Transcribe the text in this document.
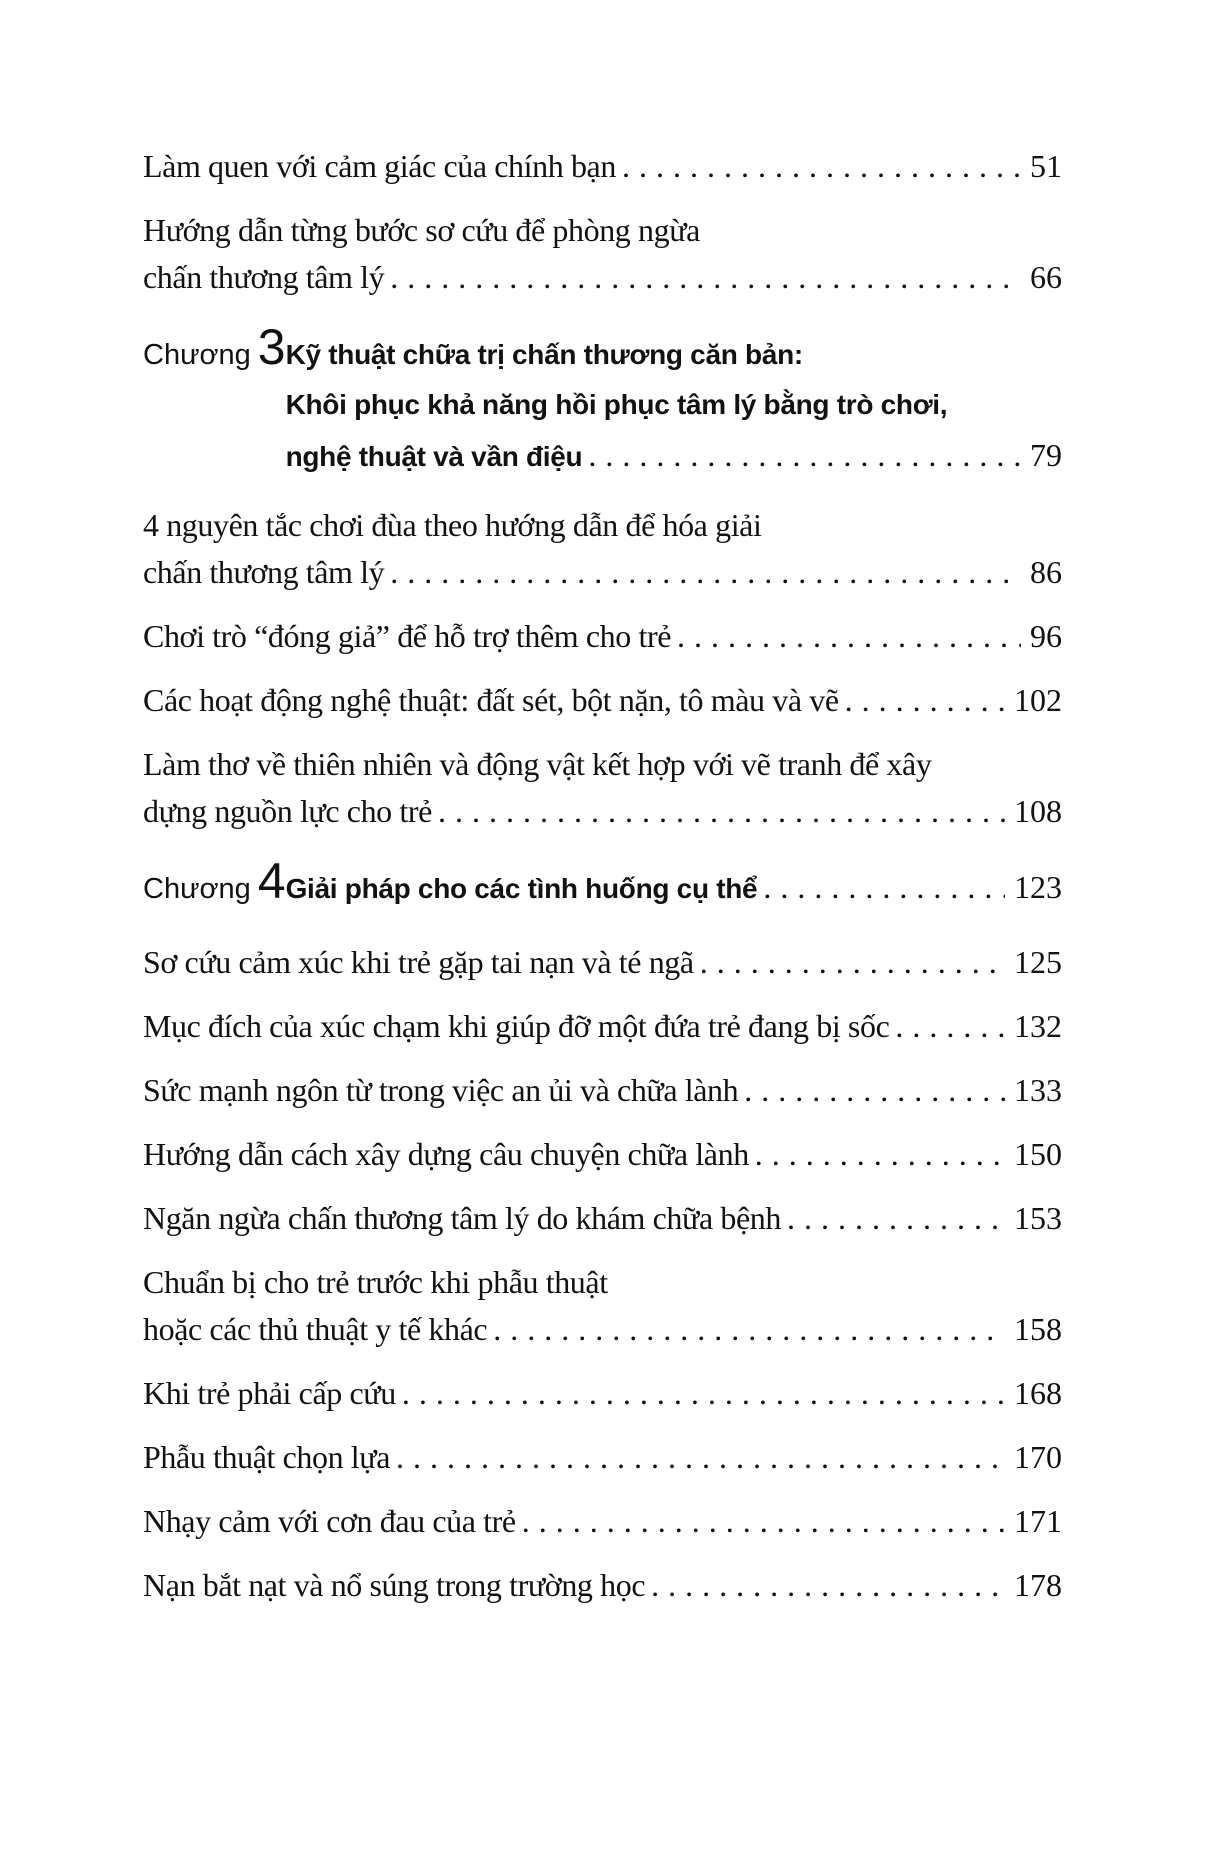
Làm quen với cảm giác của chính bạn .....	51
Hướng dẫn từng bước sơ cứu để phòng ngừa
chấn thương tâm lý .....	66
Chương 3 Kỹ thuật chữa trị chấn thương căn bản:
Khôi phục khả năng hồi phục tâm lý bằng trò chơi,
nghệ thuật và vần điệu .....	79
4 nguyên tắc chơi đùa theo hướng dẫn để hóa giải
chấn thương tâm lý .....	86
Chơi trò “đóng giả” để hỗ trợ thêm cho trẻ .....	96
Các hoạt động nghệ thuật: đất sét, bột nặn, tô màu và vẽ .....	102
Làm thơ về thiên nhiên và động vật kết hợp với vẽ tranh để xây
dựng nguồn lực cho trẻ .....	108
Chương 4 Giải pháp cho các tình huống cụ thể .....	123
Sơ cứu cảm xúc khi trẻ gặp tai nạn và té ngã .....	125
Mục đích của xúc chạm khi giúp đỡ một đứa trẻ đang bị sốc .....	132
Sức mạnh ngôn từ trong việc an ủi và chữa lành .....	133
Hướng dẫn cách xây dựng câu chuyện chữa lành .....	150
Ngăn ngừa chấn thương tâm lý do khám chữa bệnh .....	153
Chuẩn bị cho trẻ trước khi phẫu thuật
hoặc các thủ thuật y tế khác .....	158
Khi trẻ phải cấp cứu .....	168
Phẫu thuật chọn lựa .....	170
Nhạy cảm với cơn đau của trẻ .....	171
Nạn bắt nạt và nổ súng trong trường học .....	178
